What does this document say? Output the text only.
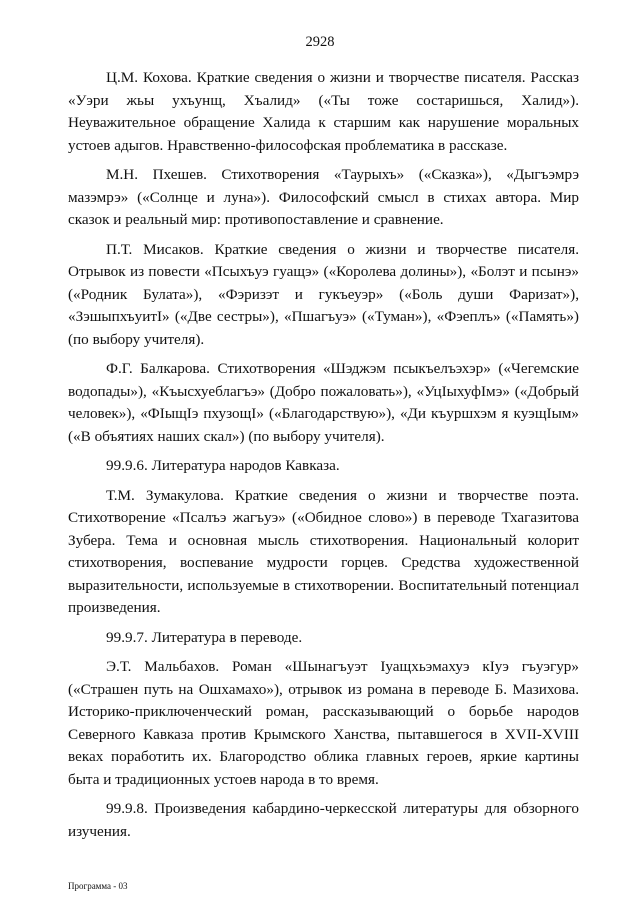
2928

Ц.М. Кохова. Краткие сведения о жизни и творчестве писателя. Рассказ «Уэри жьы ухъунщ, Хъалид» («Ты тоже состаришься, Халид»). Неуважительное обращение Халида к старшим как нарушение моральных устоев адыгов. Нравственно-философская проблематика в рассказе.

М.Н. Пхешев. Стихотворения «Таурыхъ» («Сказка»), «Дыгъэмрэ мазэмрэ» («Солнце и луна»). Философский смысл в стихах автора. Мир сказок и реальный мир: противопоставление и сравнение.

П.Т. Мисаков. Краткие сведения о жизни и творчестве писателя. Отрывок из повести «Псыхъуэ гуащэ» («Королева долины»), «Болэт и псынэ» («Родник Булата»), «Фэризэт и гукъеуэр» («Боль души Фаризат»), «ЗэшыпхъуитІ» («Две сестры»), «Пшагъуэ» («Туман»), «Фэеплъ» («Память») (по выбору учителя).

Ф.Г. Балкарова. Стихотворения «Шэджэм псыкъелъэхэр» («Чегемские водопады»), «Къысхуеблагъэ» (Добро пожаловать»), «УцІыхуфІмэ» («Добрый человек»), «ФІыщІэ пхузощІ» («Благодарствую»), «Ди къуршхэм я куэщІым» («В объятиях наших скал») (по выбору учителя).

99.9.6. Литература народов Кавказа.

Т.М. Зумакулова. Краткие сведения о жизни и творчестве поэта. Стихотворение «Псалъэ жагъуэ» («Обидное слово») в переводе Тхагазитова Зубера. Тема и основная мысль стихотворения. Национальный колорит стихотворения, воспевание мудрости горцев. Средства художественной выразительности, используемые в стихотворении. Воспитательный потенциал произведения.

99.9.7. Литература в переводе.

Э.Т. Мальбахов. Роман «Шынагъуэт Іуащхьэмахуэ кІуэ гъуэгур» («Страшен путь на Ошхамахо»), отрывок из романа в переводе Б. Мазихова. Историко-приключенческий роман, рассказывающий о борьбе народов Северного Кавказа против Крымского Ханства, пытавшегося в XVII-XVIII веках поработить их. Благородство облика главных героев, яркие картины быта и традиционных устоев народа в то время.

99.9.8. Произведения кабардино-черкесской литературы для обзорного изучения.

Программа - 03
